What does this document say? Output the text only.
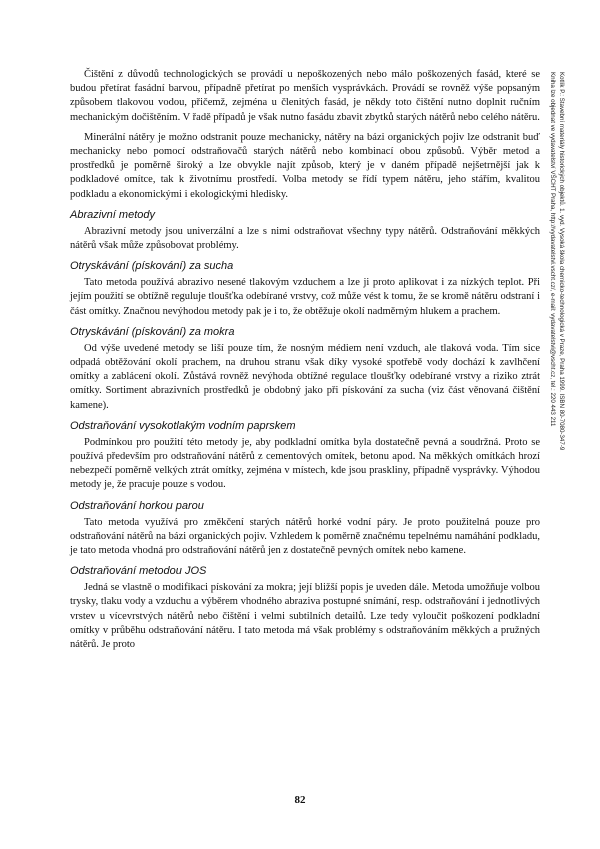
Kotlík P.: Stavební materiály historických objektů. 1. vyd. Vysoká škola chemicko-technologická v Praze, Praha 1999. ISBN 80-7080-347-9
Kniha lze objednat ve vydavatelství VŠCHT Praha, http://vydavatelstvi.vscht.cz/, e-mail: vydavatelstvi@vscht.cz, tel.: 220 443 211

Čištění z důvodů technologických se provádí u nepoškozených nebo málo poškozených fasád, které se budou přetírat fasádní barvou, případně přetírat po menších vysprávkách. Provádí se rovněž výše popsaným způsobem tlakovou vodou, přičemž, zejména u členitých fasád, je někdy toto čištění nutno doplnit ručním mechanickým dočištěním. V řadě případů je však nutno fasádu zbavit zbytků starých nátěrů nebo celého nátěru.

Minerální nátěry je možno odstranit pouze mechanicky, nátěry na bázi organických pojiv lze odstranit buď mechanicky nebo pomocí odstraňovačů starých nátěrů nebo kombinací obou způsobů. Výběr metod a prostředků je poměrně široký a lze obvykle najít způsob, který je v daném případě nejšetrnější jak k podkladové omítce, tak k životnímu prostředí. Volba metody se řídí typem nátěru, jeho stářím, kvalitou podkladu a ekonomickými i ekologickými hledisky.

Abrazivní metody

Abrazivní metody jsou univerzální a lze s nimi odstraňovat všechny typy nátěrů. Odstraňování měkkých nátěrů však může způsobovat problémy.

Otryskávání (pískování) za sucha

Tato metoda používá abrazivo nesené tlakovým vzduchem a lze ji proto aplikovat i za nízkých teplot. Při jejím použití se obtížně reguluje tloušťka odebírané vrstvy, což může vést k tomu, že se kromě nátěru odstraní i část omítky. Značnou nevýhodou metody pak je i to, že obtěžuje okolí nadměrným hlukem a prachem.

Otryskávání (pískování) za mokra

Od výše uvedené metody se liší pouze tím, že nosným médiem není vzduch, ale tlaková voda. Tím sice odpadá obtěžování okolí prachem, na druhou stranu však díky vysoké spotřebě vody dochází k zavlhčení omítky a zablácení okolí. Zůstává rovněž nevýhoda obtížné regulace tloušťky odebírané vrstvy a riziko ztrát omítky. Sortiment abrazivních prostředků je obdobný jako při pískování za sucha (viz část věnovaná čištění kamene).

Odstraňování vysokotlakým vodním paprskem

Podmínkou pro použití této metody je, aby podkladní omítka byla dostatečně pevná a soudržná. Proto se používá především pro odstraňování nátěrů z cementových omítek, betonu apod. Na měkkých omítkách hrozí nebezpečí poměrně velkých ztrát omítky, zejména v místech, kde jsou praskliny, případně vysprávky. Výhodou metody je, že pracuje pouze s vodou.

Odstraňování horkou parou

Tato metoda využívá pro změkčení starých nátěrů horké vodní páry. Je proto použitelná pouze pro odstraňování nátěrů na bázi organických pojiv. Vzhledem k poměrně značnému tepelnému namáhání podkladu, je tato metoda vhodná pro odstraňování nátěrů jen z dostatečně pevných omítek nebo kamene.

Odstraňování metodou JOS

Jedná se vlastně o modifikaci pískování za mokra; její bližší popis je uveden dále. Metoda umožňuje volbou trysky, tlaku vody a vzduchu a výběrem vhodného abraziva postupné snímání, resp. odstraňování i jednotlivých vrstev u vícevrstvých nátěrů nebo čištění i velmi subtilních detailů. Lze tedy vyloučit poškození podkladní omítky v průběhu odstraňování nátěru. I tato metoda má však problémy s odstraňováním měkkých a pružných nátěrů. Je proto

82
